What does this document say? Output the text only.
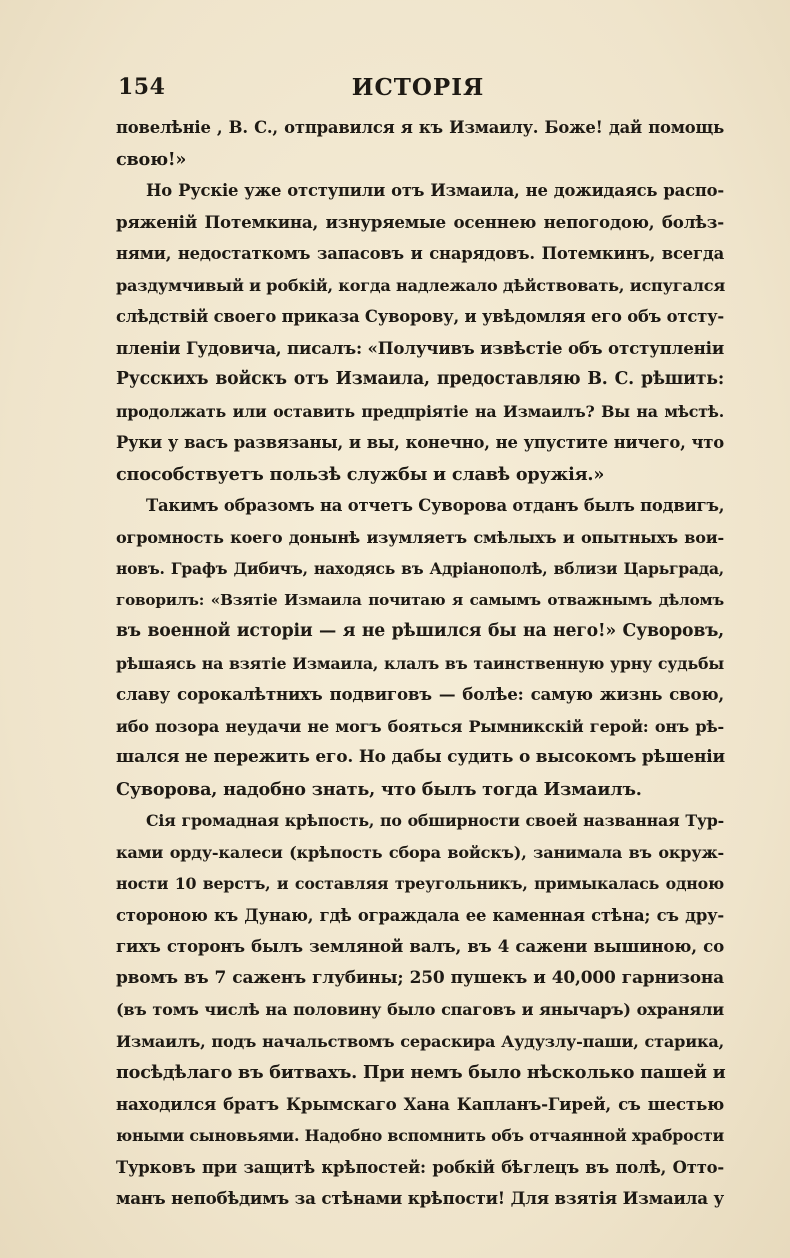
154	ИСТОРІЯ
повелѣніе , В. С., отправился я къ Измаилу. Боже! дай помощь
свою!»
Но Рускіе уже отступили отъ Измаила, не дожидаясь распо-
ряженій Потемкина, изнуряемые осеннею непогодою, болѣз-
нями, недостаткомъ запасовъ и снарядовъ. Потемкинъ, всегда
раздумчивый и робкій, когда надлежало дѣйствовать, испугался
слѣдствій своего приказа Суворову, и увѣдомляя его объ отсту-
пленіи Гудовича, писалъ: «Получивъ извѣстіе объ отступленіи
Русскихъ войскъ отъ Измаила, предоставляю В. С. рѣшить:
продолжать или оставить предпріятіе на Измаилъ? Вы на мѣстѣ.
Руки у васъ развязаны, и вы, конечно, не упустите ничего, что
способствуетъ пользѣ службы и славѣ оружія.»
Такимъ образомъ на отчетъ Суворова отданъ былъ подвигъ,
огромность коего донынѣ изумляетъ смѣлыхъ и опытныхъ вои-
новъ. Графъ Дибичъ, находясь въ Адріанополѣ, вблизи Царьграда,
говорилъ: «Взятіе Измаила почитаю я самымъ отважнымъ дѣломъ
въ военной исторіи — я не рѣшился бы на него!» Суворовъ,
рѣшаясь на взятіе Измаила, клалъ въ таинственную урну судьбы
славу сорокалѣтнихъ подвиговъ — болѣе: самую жизнь свою,
ибо позора неудачи не могъ бояться Рымникскій герой: онъ рѣ-
шался не пережить его. Но дабы судить о высокомъ рѣшеніи
Суворова, надобно знать, что былъ тогда Измаилъ.
Сія громадная крѣпость, по обширности своей названная Тур-
ками орду-калеси (крѣпость сбора войскъ), занимала въ окруж-
ности 10 верстъ, и составляя треугольникъ, примыкалась одною
стороною къ Дунаю, гдѣ ограждала ее каменная стѣна; съ дру-
гихъ сторонъ былъ земляной валъ, въ 4 сажени вышиною, со
рвомъ въ 7 саженъ глубины; 250 пушекъ и 40,000 гарнизона
(въ томъ числѣ на половину было спаговъ и янычаръ) охраняли
Измаилъ, подъ начальствомъ сераскира Аудузлу-паши, старика,
посѣдѣлаго въ битвахъ. При немъ было нѣсколько пашей и
находился братъ Крымскаго Хана Капланъ-Гирей, съ шестью
юными сыновьями. Надобно вспомнить объ отчаянной храбрости
Турковъ при защитѣ крѣпостей: робкій бѣглецъ въ полѣ, Отто-
манъ непобѣдимъ за стѣнами крѣпости! Для взятія Измаила у
